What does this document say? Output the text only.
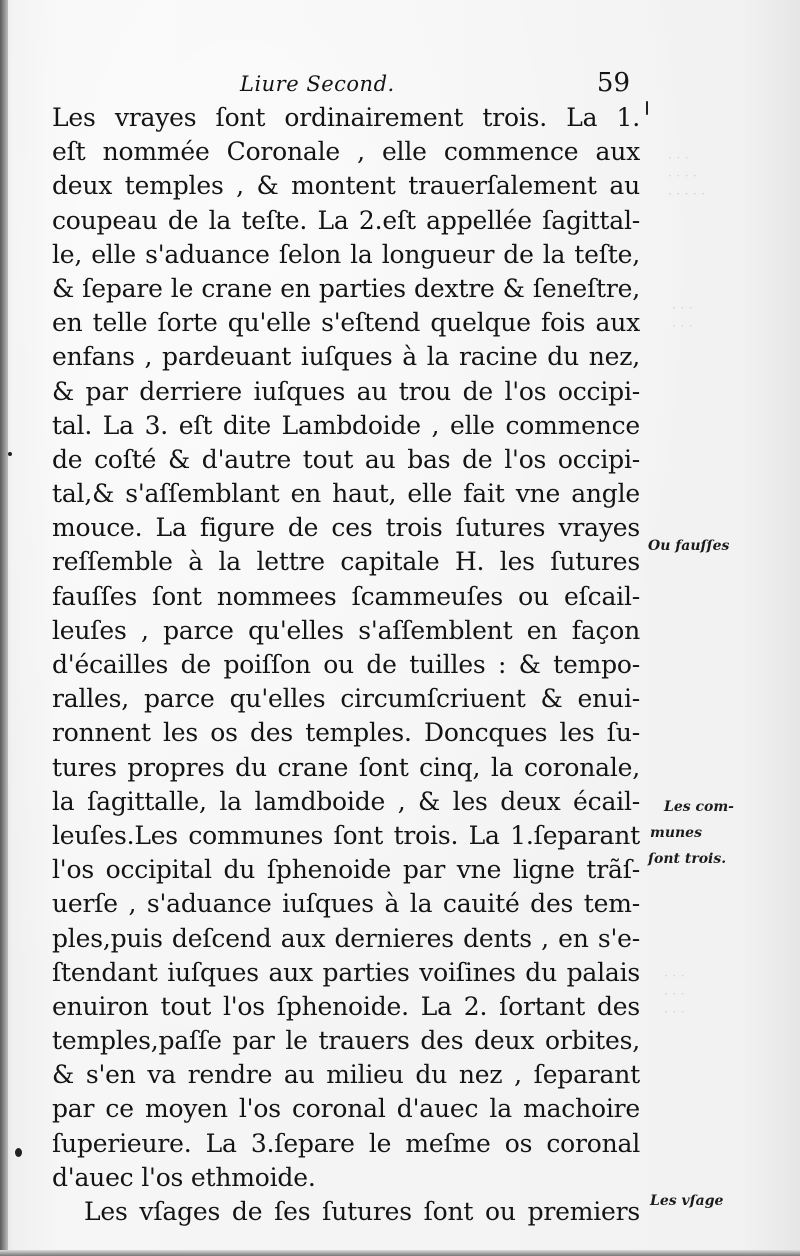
· · ·
· · · ·
· · · · ·
· · ·
· · ·
· · ·
· · ·
· · ·
Liure Second.	59
Les vrayes ſont ordinairement trois. La 1.
eſt nommée Coronale , elle commence aux
deux temples , & montent trauerſalement au
coupeau de la teſte. La 2.eſt appellée ſagittal-
le, elle s'aduance ſelon la longueur de la teſte,
& ſepare le crane en parties dextre & ſeneſtre,
en telle ſorte qu'elle s'eſtend quelque fois aux
enfans , pardeuant iuſques à la racine du nez,
& par derriere iuſques au trou de l'os occipi-
tal. La 3. eſt dite Lambdoide , elle commence
de coſté & d'autre tout au bas de l'os occipi-
tal,& s'aſſemblant en haut, elle fait vne angle
mouce. La figure de ces trois ſutures vrayes
reſſemble à la lettre capitale H. les ſutures
fauſſes ſont nommees ſcammeuſes ou eſcail-
leuſes , parce qu'elles s'aſſemblent en façon
d'écailles de poiſſon ou de tuilles : & tempo-
ralles, parce qu'elles circumſcriuent & enui-
ronnent les os des temples. Doncques les ſu-
tures propres du crane ſont cinq, la coronale,
la ſagittalle, la lamdboide , & les deux écail-
leuſes.Les communes ſont trois. La 1.ſeparant
l'os occipital du ſphenoide par vne ligne trãſ-
uerſe , s'aduance iuſques à la cauité des tem-
ples,puis deſcend aux dernieres dents , en s'e-
ſtendant iuſques aux parties voiſines du palais
enuiron tout l'os ſphenoide. La 2. ſortant des
temples,paſſe par le trauers des deux orbites,
& s'en va rendre au milieu du nez , ſeparant
par ce moyen l'os coronal d'auec la machoire
ſuperieure. La 3.ſepare le meſme os coronal
d'auec l'os ethmoide.
Les vſages de ſes ſutures ſont ou premiers
Ou fauſſes
Les com-
munes
ſont trois.
Les vſage
